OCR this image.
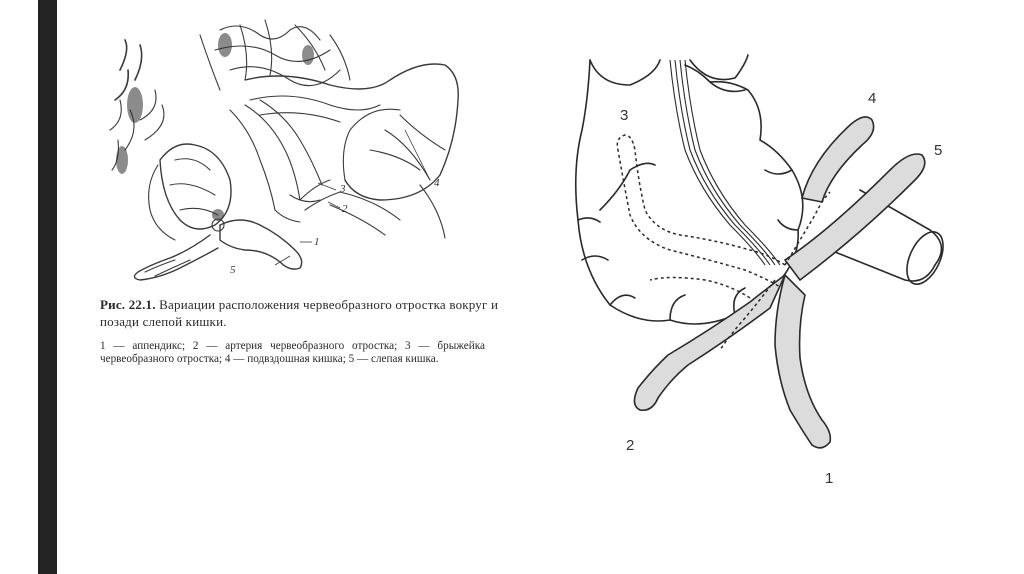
1
2
3	4
5
Рис. 22.1. Вариации расположения червеобразного отростка вокруг и позади слепой кишки.
1 — аппендикс; 2 — артерия червеобразного отростка; 3 — брыжейка червеобразного отростка; 4 — подвздошная кишка; 5 — слепая кишка.
1
2
3
4
5
